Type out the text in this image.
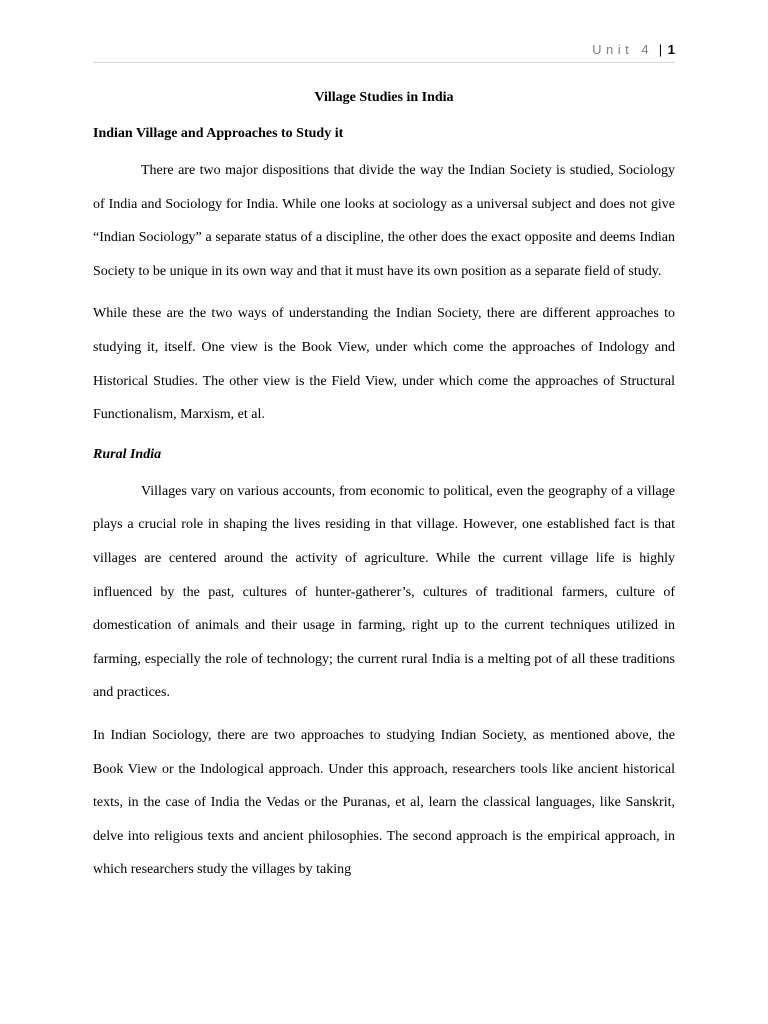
Unit 4 | 1
Village Studies in India
Indian Village and Approaches to Study it

There are two major dispositions that divide the way the Indian Society is studied, Sociology of India and Sociology for India. While one looks at sociology as a universal subject and does not give “Indian Sociology” a separate status of a discipline, the other does the exact opposite and deems Indian Society to be unique in its own way and that it must have its own position as a separate field of study.

While these are the two ways of understanding the Indian Society, there are different approaches to studying it, itself. One view is the Book View, under which come the approaches of Indology and Historical Studies. The other view is the Field View, under which come the approaches of Structural Functionalism, Marxism, et al.

Rural India

Villages vary on various accounts, from economic to political, even the geography of a village plays a crucial role in shaping the lives residing in that village. However, one established fact is that villages are centered around the activity of agriculture. While the current village life is highly influenced by the past, cultures of hunter-gatherer’s, cultures of traditional farmers, culture of domestication of animals and their usage in farming, right up to the current techniques utilized in farming, especially the role of technology; the current rural India is a melting pot of all these traditions and practices.

In Indian Sociology, there are two approaches to studying Indian Society, as mentioned above, the Book View or the Indological approach. Under this approach, researchers tools like ancient historical texts, in the case of India the Vedas or the Puranas, et al, learn the classical languages, like Sanskrit, delve into religious texts and ancient philosophies. The second approach is the empirical approach, in which researchers study the villages by taking
